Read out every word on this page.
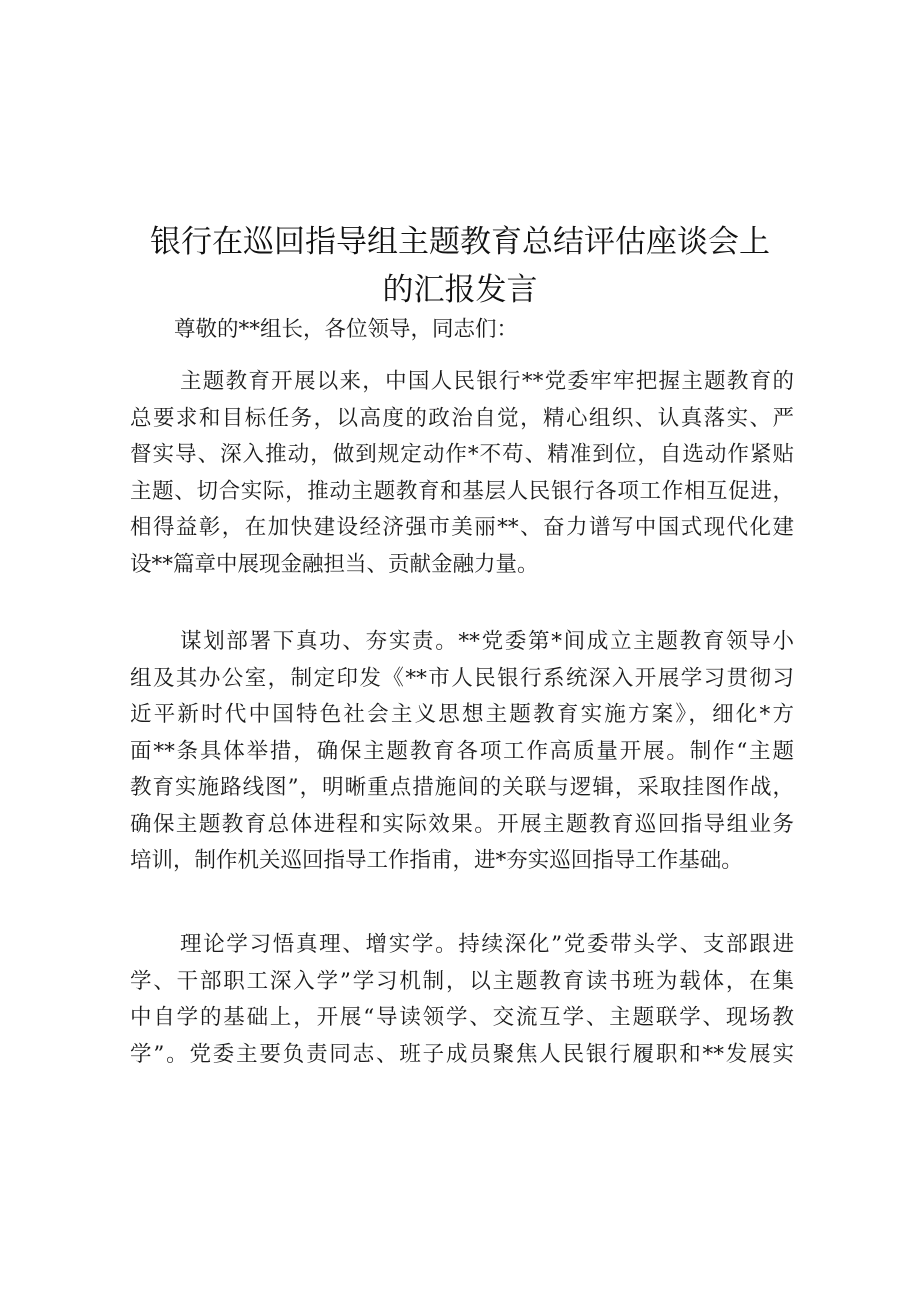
银行在巡回指导组主题教育总结评估座谈会上
的汇报发言

尊敬的**组长，各位领导，同志们：

主题教育开展以来，中国人民银行**党委牢牢把握主题教育的
总要求和目标任务，以高度的政治自觉，精心组织、认真落实、严
督实导、深入推动，做到规定动作*不苟、精准到位，自选动作紧贴
主题、切合实际，推动主题教育和基层人民银行各项工作相互促进，
相得益彰，在加快建设经济强市美丽**、奋力谱写中国式现代化建
设**篇章中展现金融担当、贡献金融力量。
谋划部署下真功、夯实责。**党委第*间成立主题教育领导小
组及其办公室，制定印发《**市人民银行系统深入开展学习贯彻习
近平新时代中国特色社会主义思想主题教育实施方案》，细化*方
面**条具体举措，确保主题教育各项工作高质量开展。制作“主题
教育实施路线图”，明晰重点措施间的关联与逻辑，采取挂图作战，
确保主题教育总体进程和实际效果。开展主题教育巡回指导组业务
培训，制作机关巡回指导工作指甫，进*夯实巡回指导工作基础。
理论学习悟真理、增实学。持续深化”党委带头学、支部跟进
学、干部职工深入学”学习机制，以主题教育读书班为载体，在集
中自学的基础上，开展“导读领学、交流互学、主题联学、现场教
学”。党委主要负责同志、班子成员聚焦人民银行履职和**发展实
